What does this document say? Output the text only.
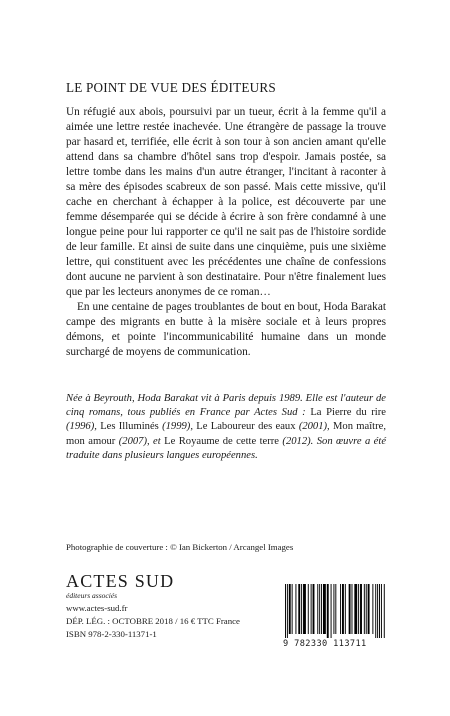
LE POINT DE VUE DES ÉDITEURS

Un réfugié aux abois, poursuivi par un tueur, écrit à la femme qu'il a aimée une lettre restée inachevée. Une étrangère de passage la trouve par hasard et, terrifiée, elle écrit à son tour à son ancien amant qu'elle attend dans sa chambre d'hôtel sans trop d'espoir. Jamais postée, sa lettre tombe dans les mains d'un autre étranger, l'incitant à raconter à sa mère des épisodes scabreux de son passé. Mais cette missive, qu'il cache en cherchant à échapper à la police, est découverte par une femme désemparée qui se décide à écrire à son frère condamné à une longue peine pour lui rapporter ce qu'il ne sait pas de l'histoire sordide de leur famille. Et ainsi de suite dans une cinquième, puis une sixième lettre, qui constituent avec les précédentes une chaîne de confessions dont aucune ne parvient à son destinataire. Pour n'être finalement lues que par les lecteurs anonymes de ce roman…

En une centaine de pages troublantes de bout en bout, Hoda Barakat campe des migrants en butte à la misère sociale et à leurs propres démons, et pointe l'incommunicabilité humaine dans un monde surchargé de moyens de communication.

Née à Beyrouth, Hoda Barakat vit à Paris depuis 1989. Elle est l'auteur de cinq romans, tous publiés en France par Actes Sud : La Pierre du rire (1996), Les Illuminés (1999), Le Laboureur des eaux (2001), Mon maître, mon amour (2007), et Le Royaume de cette terre (2012). Son œuvre a été traduite dans plusieurs langues européennes.

Photographie de couverture : © Ian Bickerton / Arcangel Images

ACTES SUD
éditeurs associés
www.actes-sud.fr
DÉP. LÉG. : OCTOBRE 2018 / 16 € TTC France
ISBN 978-2-330-11371-1
9 782330 113711
